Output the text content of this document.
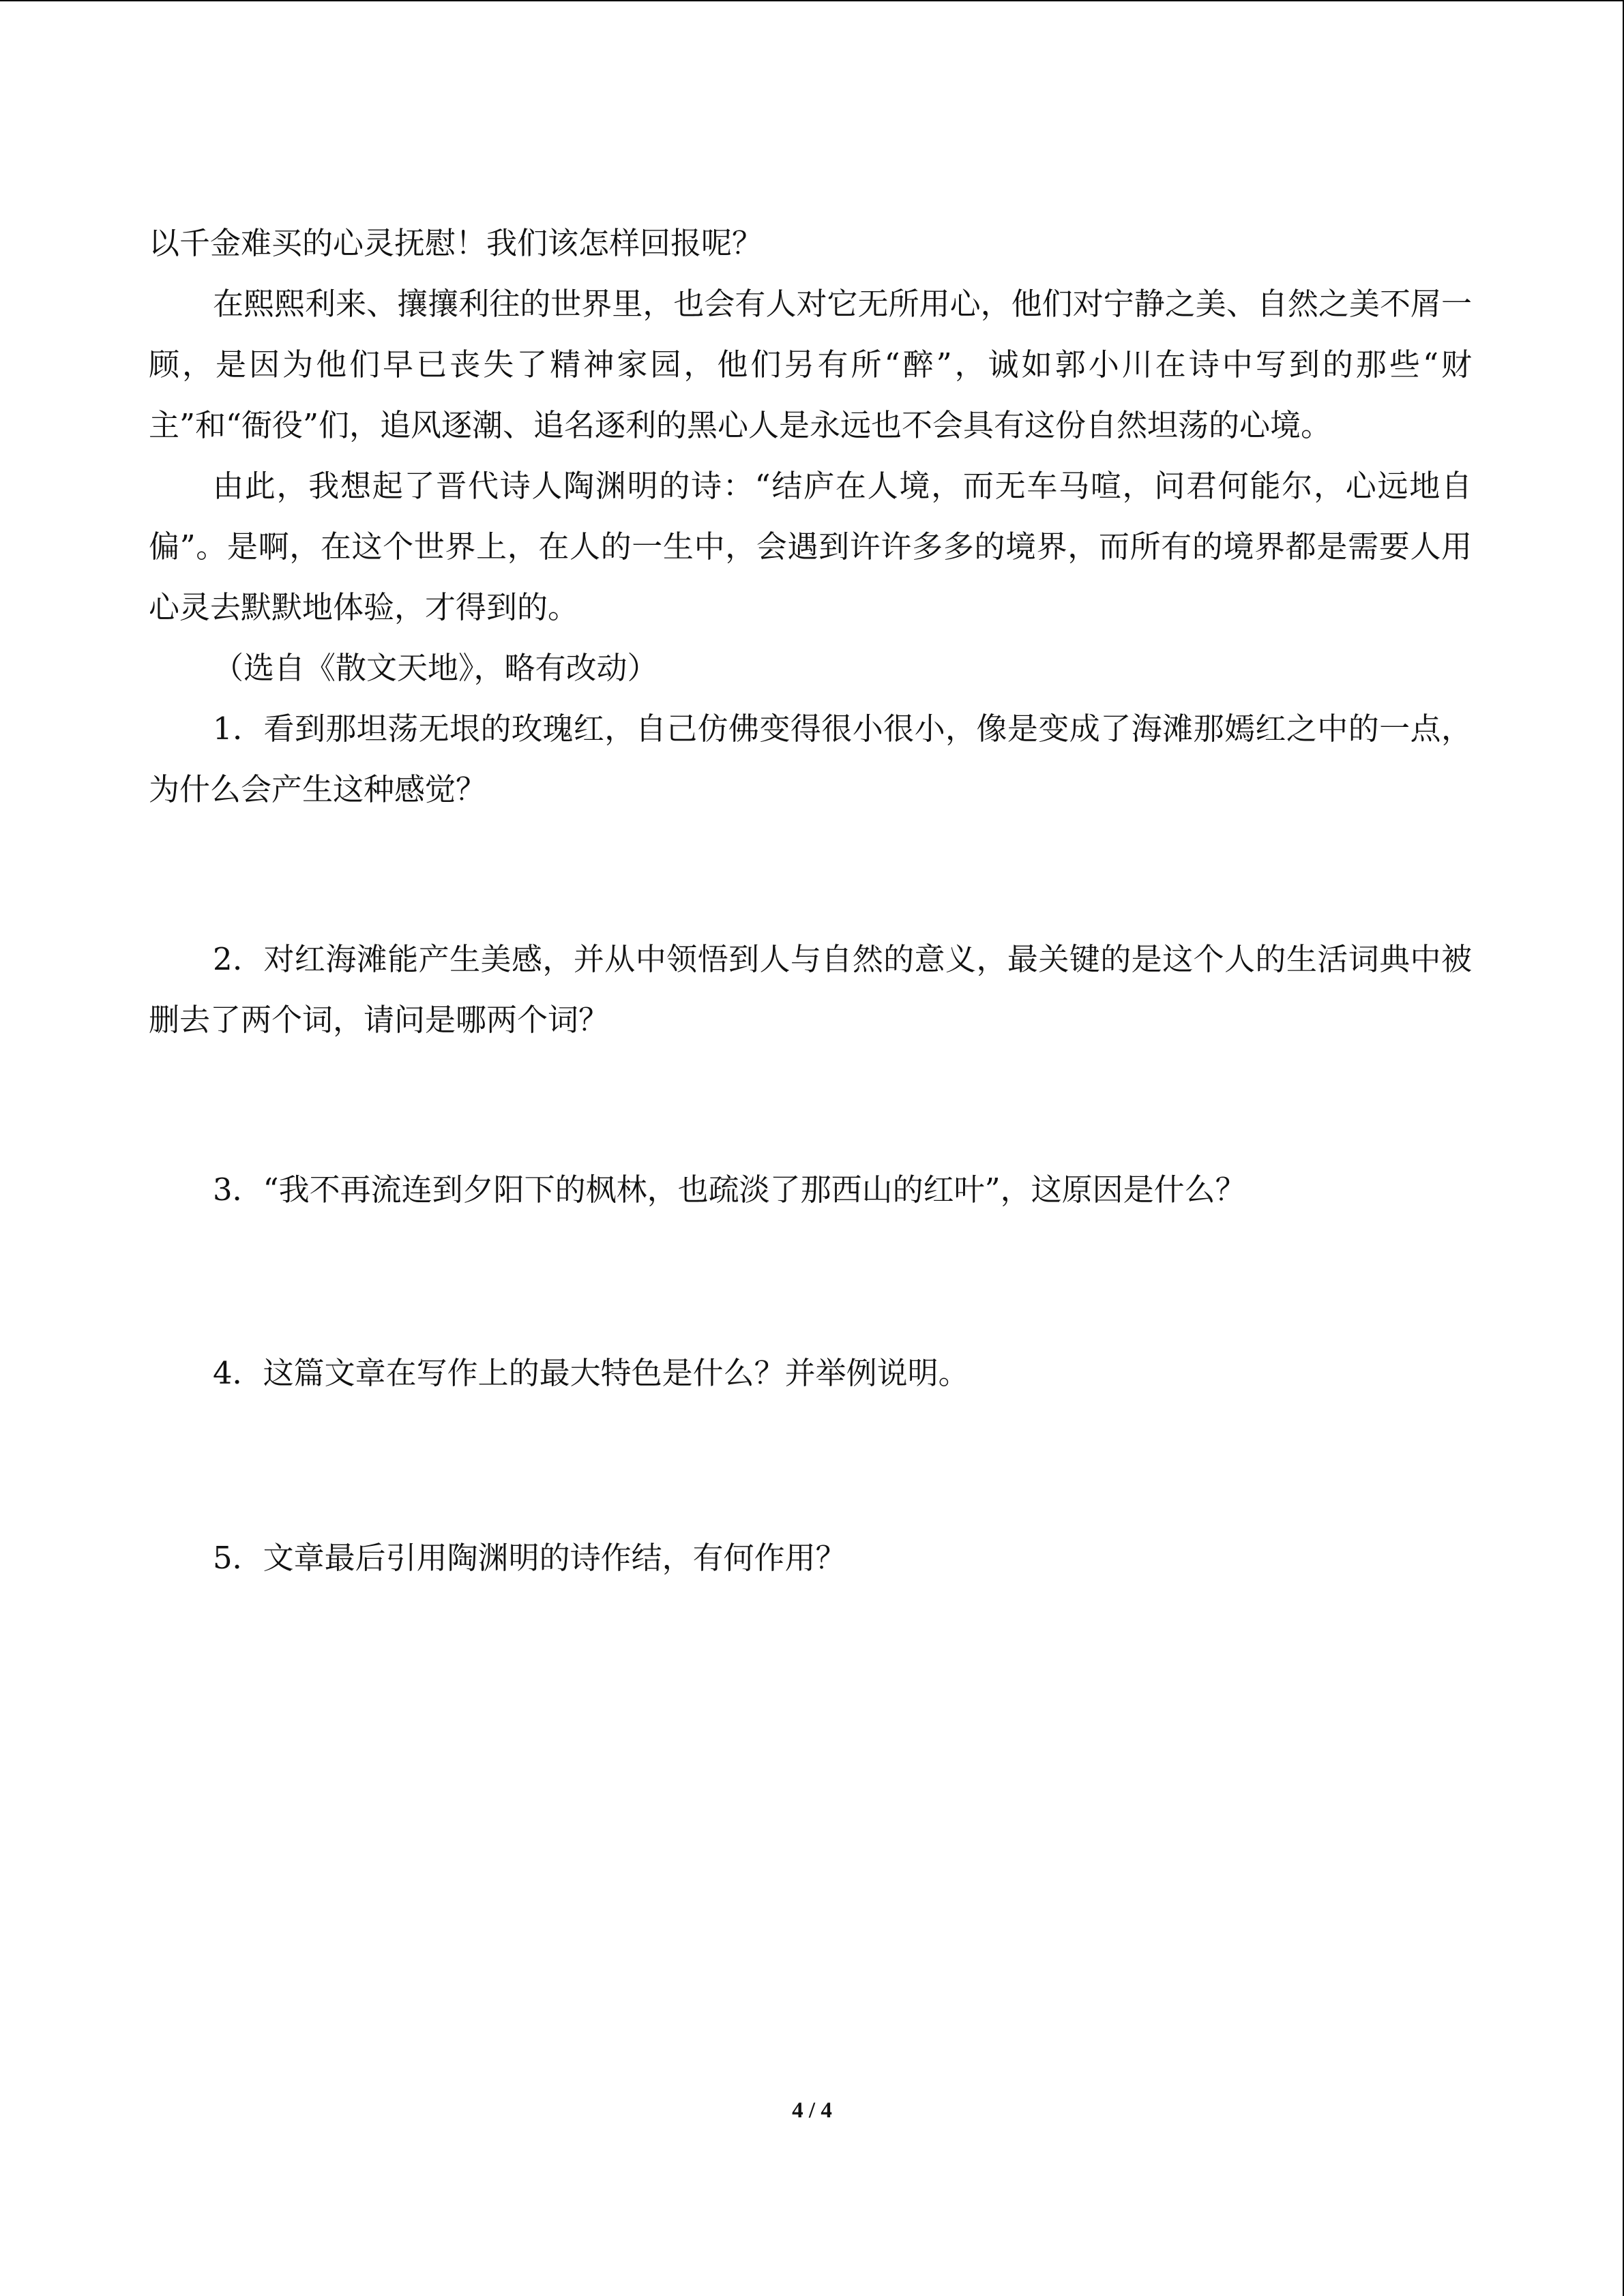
以千金难买的心灵抚慰！我们该怎样回报呢？

在熙熙利来、攘攘利往的世界里，也会有人对它无所用心，他们对宁静之美、自然之美不屑一顾，是因为他们早已丧失了精神家园，他们另有所“醉”，诚如郭小川在诗中写到的那些“财主”和“衙役”们，追风逐潮、追名逐利的黑心人是永远也不会具有这份自然坦荡的心境。

由此，我想起了晋代诗人陶渊明的诗：“结庐在人境，而无车马喧，问君何能尔，心远地自偏”。是啊，在这个世界上，在人的一生中，会遇到许许多多的境界，而所有的境界都是需要人用心灵去默默地体验，才得到的。

（选自《散文天地》，略有改动）

1．看到那坦荡无垠的玫瑰红，自己仿佛变得很小很小，像是变成了海滩那嫣红之中的一点，为什么会产生这种感觉？

2．对红海滩能产生美感，并从中领悟到人与自然的意义，最关键的是这个人的生活词典中被删去了两个词，请问是哪两个词？

3．“我不再流连到夕阳下的枫林，也疏淡了那西山的红叶”，这原因是什么？

4．这篇文章在写作上的最大特色是什么？并举例说明。

5．文章最后引用陶渊明的诗作结，有何作用？

4 / 4
